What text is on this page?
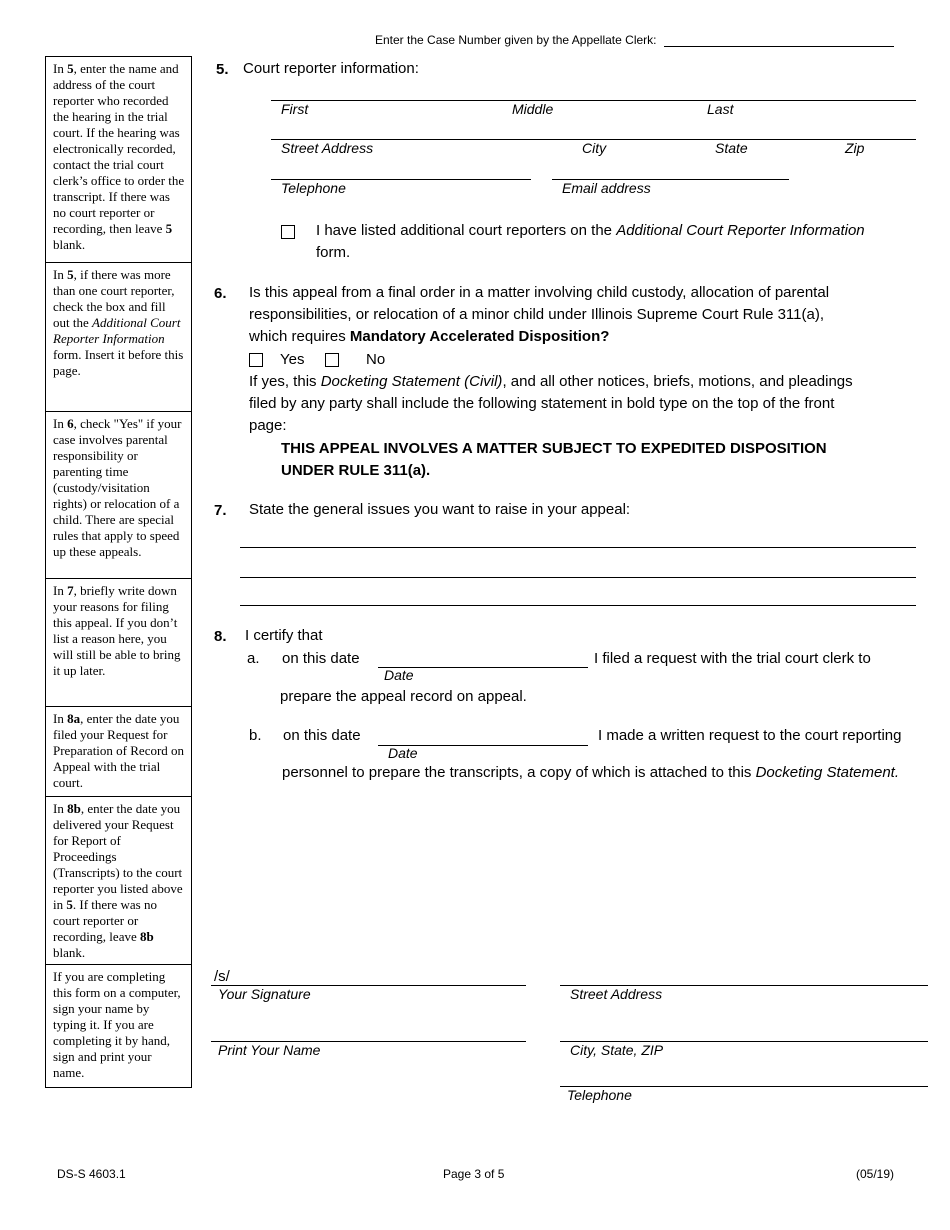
Enter the Case Number given by the Appellate Clerk:
In 5, enter the name and address of the court reporter who recorded the hearing in the trial court. If the hearing was electronically recorded, contact the trial court clerk’s office to order the transcript. If there was no court reporter or recording, then leave 5 blank.
In 5, if there was more than one court reporter, check the box and fill out the Additional Court Reporter Information form. Insert it before this page.
In 6, check "Yes" if your case involves parental responsibility or parenting time (custody/visitation rights) or relocation of a child. There are special rules that apply to speed up these appeals.
In 7, briefly write down your reasons for filing this appeal. If you don’t list a reason here, you will still be able to bring it up later.
In 8a, enter the date you filed your Request for Preparation of Record on Appeal with the trial court.
In 8b, enter the date you delivered your Request for Report of Proceedings (Transcripts) to the court reporter you listed above in 5. If there was no court reporter or recording, leave 8b blank.
If you are completing this form on a computer, sign your name by typing it. If you are completing it by hand, sign and print your name.
5. Court reporter information:
First	Middle	Last
Street Address	City	State	Zip
Telephone	Email address
I have listed additional court reporters on the Additional Court Reporter Information
form.
6. Is this appeal from a final order in a matter involving child custody, allocation of parental
responsibilities, or relocation of a minor child under Illinois Supreme Court Rule 311(a),
which requires Mandatory Accelerated Disposition?
Yes	No
If yes, this Docketing Statement (Civil), and all other notices, briefs, motions, and pleadings
filed by any party shall include the following statement in bold type on the top of the front
page:
THIS APPEAL INVOLVES A MATTER SUBJECT TO EXPEDITED DISPOSITION
UNDER RULE 311(a).
7. State the general issues you want to raise in your appeal:
8. I certify that
a. on this date
Date
I filed a request with the trial court clerk to
prepare the appeal record on appeal.
b. on this date
Date
I made a written request to the court reporting
personnel to prepare the transcripts, a copy of which is attached to this Docketing Statement.
/s/
Your Signature	Street Address
Print Your Name	City, State, ZIP
Telephone
DS-S 4603.1	Page 3 of 5	(05/19)
